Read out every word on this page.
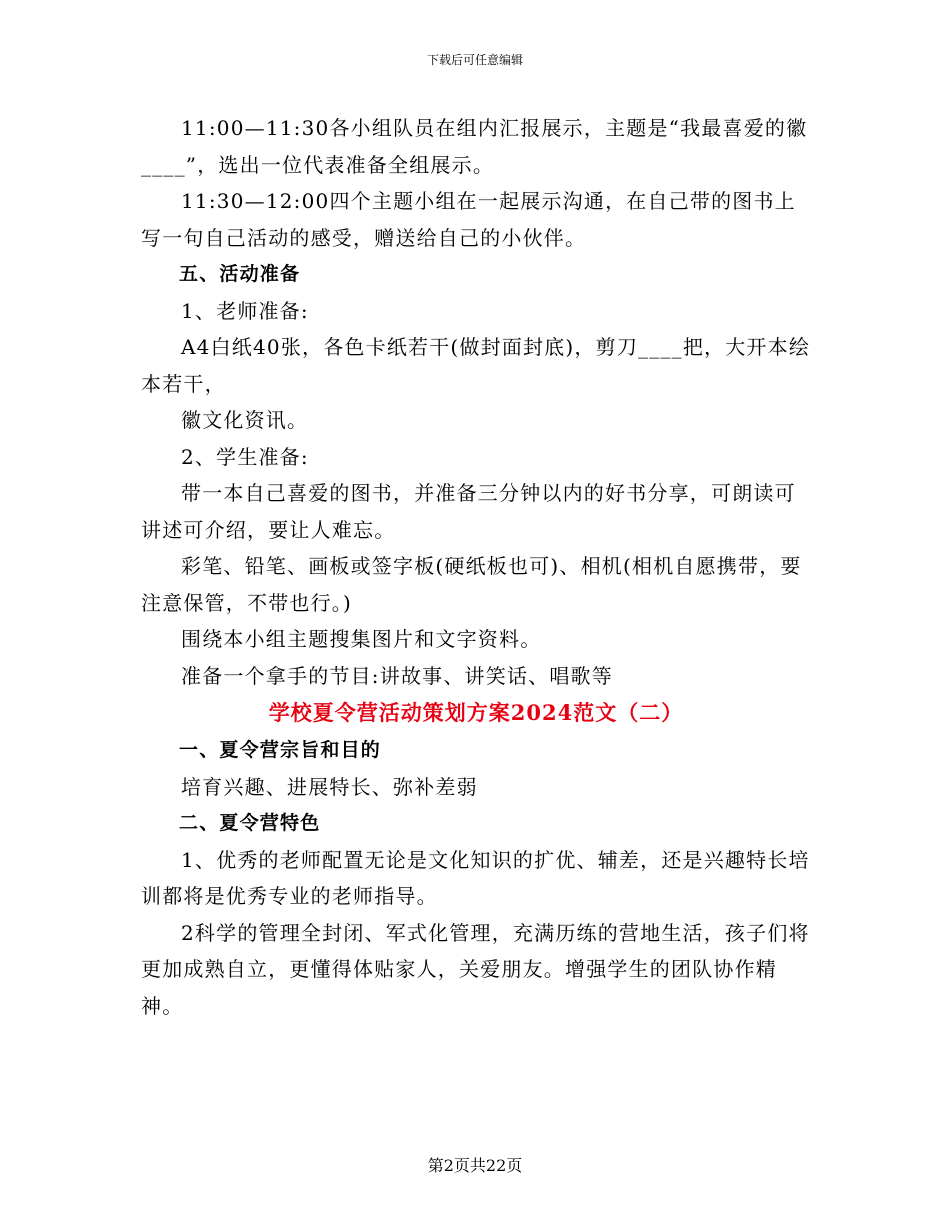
下载后可任意编辑

11:00—11:30各小组队员在组内汇报展示，主题是“我最喜爱的徽____”，选出一位代表准备全组展示。

11:30—12:00四个主题小组在一起展示沟通，在自己带的图书上写一句自己活动的感受，赠送给自己的小伙伴。

五、活动准备

1、老师准备:

A4白纸40张，各色卡纸若干(做封面封底)，剪刀____把，大开本绘本若干，

徽文化资讯。

2、学生准备:

带一本自己喜爱的图书，并准备三分钟以内的好书分享，可朗读可讲述可介绍，要让人难忘。

彩笔、铅笔、画板或签字板(硬纸板也可)、相机(相机自愿携带，要注意保管，不带也行。)

围绕本小组主题搜集图片和文字资料。

准备一个拿手的节目:讲故事、讲笑话、唱歌等

学校夏令营活动策划方案2024范文（二）

一、夏令营宗旨和目的

培育兴趣、进展特长、弥补差弱

二、夏令营特色

1、优秀的老师配置无论是文化知识的扩优、辅差，还是兴趣特长培训都将是优秀专业的老师指导。

2科学的管理全封闭、军式化管理，充满历练的营地生活，孩子们将更加成熟自立，更懂得体贴家人，关爱朋友。增强学生的团队协作精神。

第2页共22页
